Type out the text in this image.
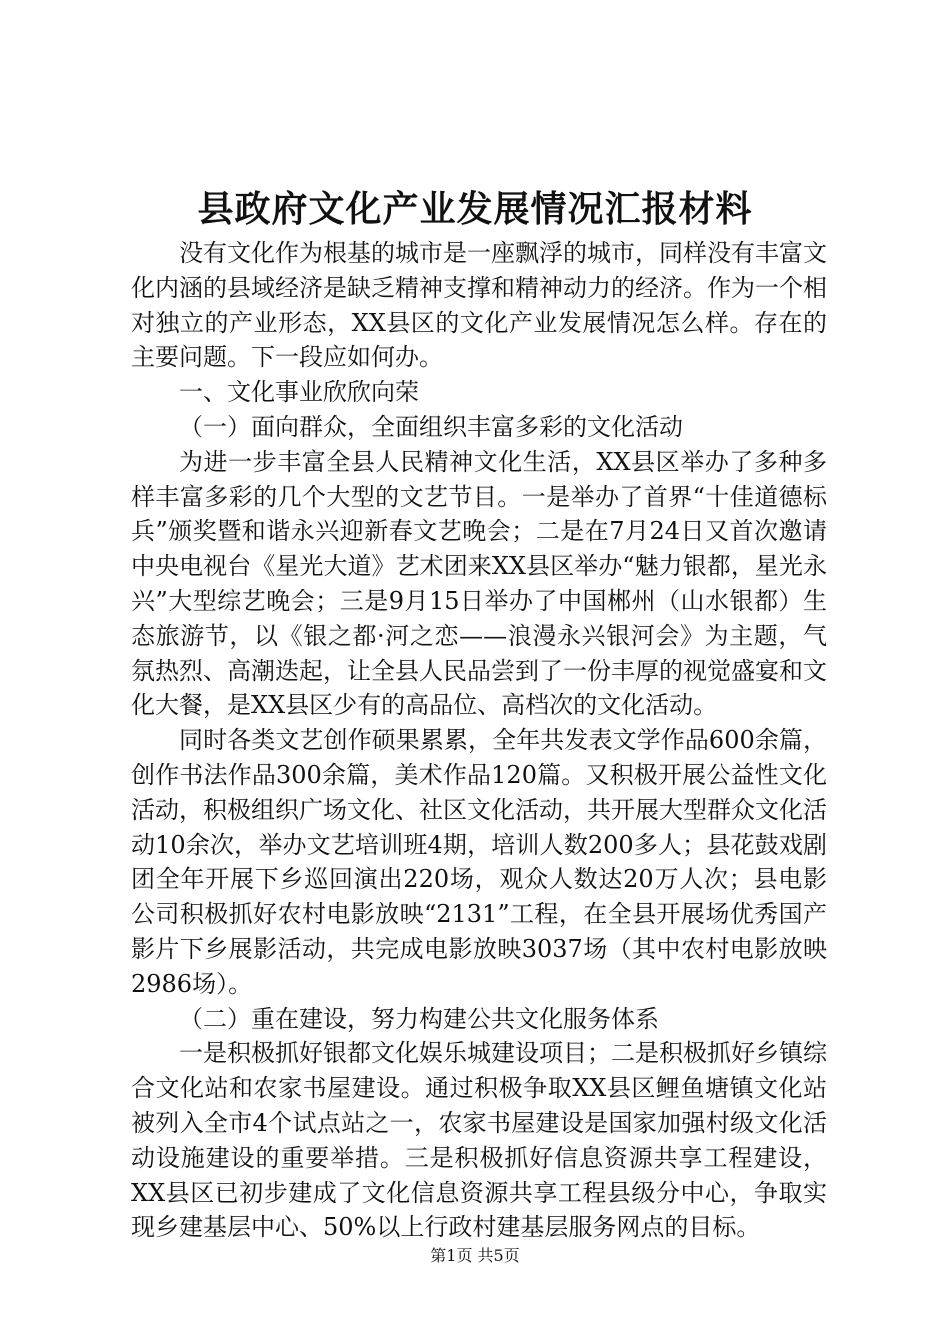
县政府文化产业发展情况汇报材料

没有文化作为根基的城市是一座飘浮的城市，同样没有丰富文化内涵的县域经济是缺乏精神支撑和精神动力的经济。作为一个相对独立的产业形态，XX县区的文化产业发展情况怎么样。存在的主要问题。下一段应如何办。

一、文化事业欣欣向荣

（一）面向群众，全面组织丰富多彩的文化活动

为进一步丰富全县人民精神文化生活，XX县区举办了多种多样丰富多彩的几个大型的文艺节目。一是举办了首界“十佳道德标兵”颁奖暨和谐永兴迎新春文艺晚会；二是在7月24日又首次邀请中央电视台《星光大道》艺术团来XX县区举办“魅力银都，星光永兴”大型综艺晚会；三是9月15日举办了中国郴州（山水银都）生态旅游节，以《银之都·河之恋——浪漫永兴银河会》为主题，气氛热烈、高潮迭起，让全县人民品尝到了一份丰厚的视觉盛宴和文化大餐，是XX县区少有的高品位、高档次的文化活动。

同时各类文艺创作硕果累累，全年共发表文学作品600余篇，创作书法作品300余篇，美术作品120篇。又积极开展公益性文化活动，积极组织广场文化、社区文化活动，共开展大型群众文化活动10余次，举办文艺培训班4期，培训人数200多人；县花鼓戏剧团全年开展下乡巡回演出220场，观众人数达20万人次；县电影公司积极抓好农村电影放映“2131”工程，在全县开展场优秀国产影片下乡展影活动，共完成电影放映3037场（其中农村电影放映2986场）。

（二）重在建设，努力构建公共文化服务体系

一是积极抓好银都文化娱乐城建设项目；二是积极抓好乡镇综合文化站和农家书屋建设。通过积极争取XX县区鲤鱼塘镇文化站被列入全市4个试点站之一，农家书屋建设是国家加强村级文化活动设施建设的重要举措。三是积极抓好信息资源共享工程建设，XX县区已初步建成了文化信息资源共享工程县级分中心，争取实现乡建基层中心、50%以上行政村建基层服务网点的目标。

第1页 共5页
